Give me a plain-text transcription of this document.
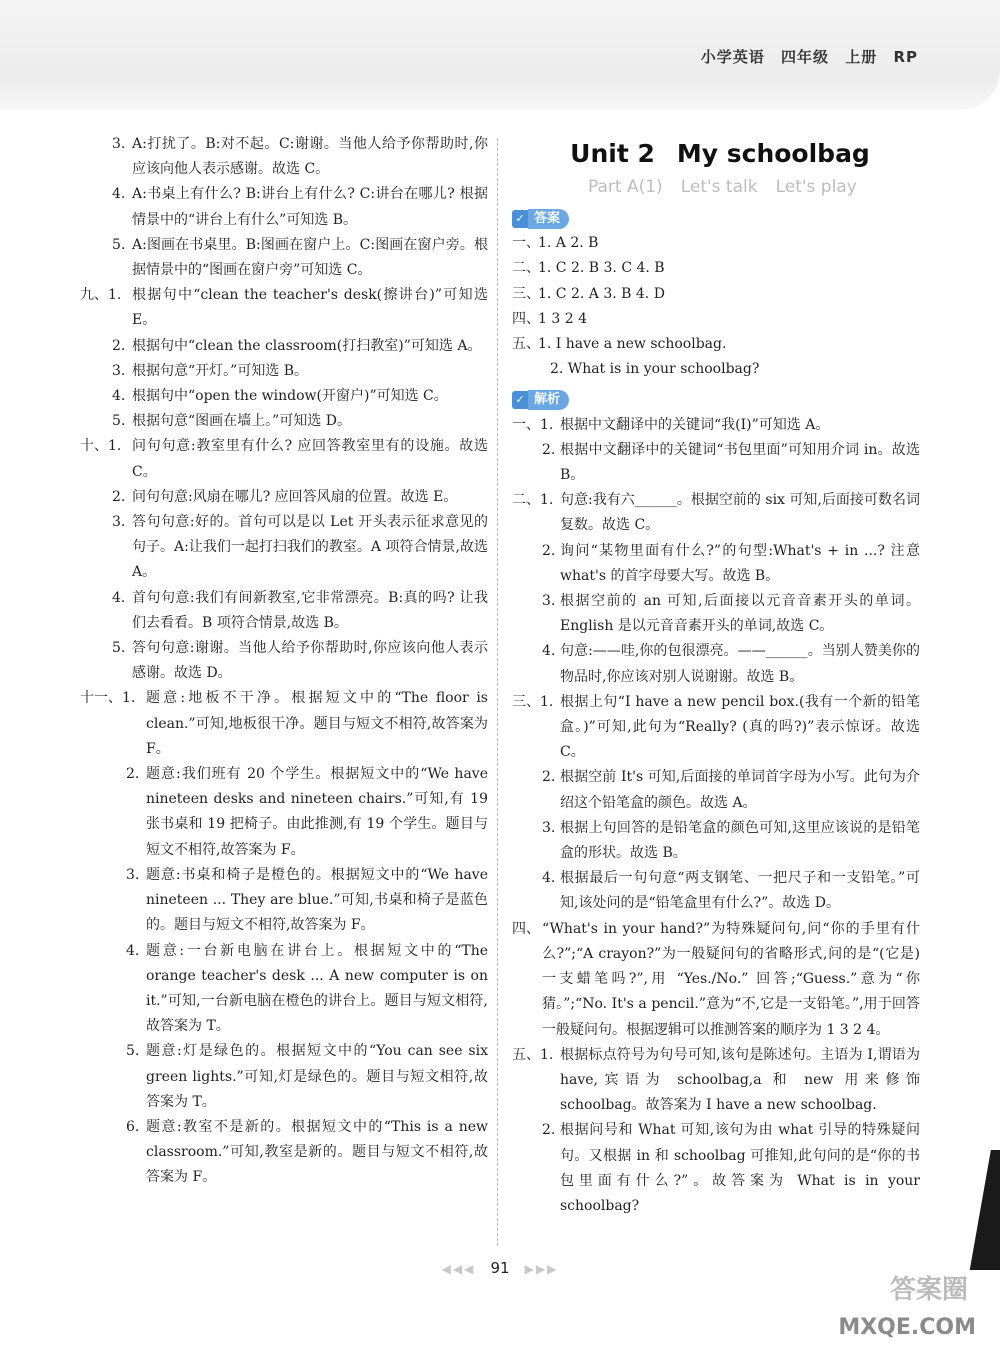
小学英语 四年级 上册 RP
3. A:打扰了。B:对不起。C:谢谢。当他人给予你帮助时,你应该向他人表示感谢。故选 C。
4. A:书桌上有什么? B:讲台上有什么? C:讲台在哪儿? 根据情景中的“讲台上有什么”可知选 B。
5. A:图画在书桌里。B:图画在窗户上。C:图画在窗户旁。根据情景中的“图画在窗户旁”可知选 C。
九、1. 根据句中“clean the teacher's desk(擦讲台)”可知选 E。
2. 根据句中“clean the classroom(打扫教室)”可知选 A。
3. 根据句意“开灯。”可知选 B。
4. 根据句中“open the window(开窗户)”可知选 C。
5. 根据句意“图画在墙上。”可知选 D。
十、1. 问句句意:教室里有什么? 应回答教室里有的设施。故选 C。
2. 问句句意:风扇在哪儿? 应回答风扇的位置。故选 E。
3. 答句句意:好的。首句可以是以 Let 开头表示征求意见的句子。A:让我们一起打扫我们的教室。A 项符合情景,故选 A。
4. 首句句意:我们有间新教室,它非常漂亮。B:真的吗? 让我们去看看。B 项符合情景,故选 B。
5. 答句句意:谢谢。当他人给予你帮助时,你应该向他人表示感谢。故选 D。
十一、1. 题意:地板不干净。根据短文中的“The floor is clean.”可知,地板很干净。题目与短文不相符,故答案为 F。
2. 题意:我们班有 20 个学生。根据短文中的“We have nineteen desks and nineteen chairs.”可知,有 19 张书桌和 19 把椅子。由此推测,有 19 个学生。题目与短文不相符,故答案为 F。
3. 题意:书桌和椅子是橙色的。根据短文中的“We have nineteen ... They are blue.”可知,书桌和椅子是蓝色的。题目与短文不相符,故答案为 F。
4. 题意:一台新电脑在讲台上。根据短文中的“The orange teacher's desk ... A new computer is on it.”可知,一台新电脑在橙色的讲台上。题目与短文相符,故答案为 T。
5. 题意:灯是绿色的。根据短文中的“You can see six green lights.”可知,灯是绿色的。题目与短文相符,故答案为 T。
6. 题意:教室不是新的。根据短文中的“This is a new classroom.”可知,教室是新的。题目与短文不相符,故答案为 F。
Unit 2 My schoolbag
Part A(1) Let's talk Let's play
✓ 答案
一、
1. A 2. B
二、
1. C 2. B 3. C 4. B
三、
1. C 2. A 3. B 4. D
四、
1 3 2 4
五、
1. I have a new schoolbag.
2. What is in your schoolbag?
✓ 解析
一、1. 根据中文翻译中的关键词“我(I)”可知选 A。
2. 根据中文翻译中的关键词“书包里面”可知用介词 in。故选 B。
二、1. 句意:我有六______。根据空前的 six 可知,后面接可数名词复数。故选 C。
2. 询问“某物里面有什么?”的句型:What's + in ...? 注意 what's 的首字母要大写。故选 B。
3. 根据空前的 an 可知,后面接以元音音素开头的单词。English 是以元音音素开头的单词,故选 C。
4. 句意:——哇,你的包很漂亮。——______。当别人赞美你的物品时,你应该对别人说谢谢。故选 B。
三、1. 根据上句“I have a new pencil box.(我有一个新的铅笔盒。)”可知,此句为“Really? (真的吗?)”表示惊讶。故选 C。
2. 根据空前 It's 可知,后面接的单词首字母为小写。此句为介绍这个铅笔盒的颜色。故选 A。
3. 根据上句回答的是铅笔盒的颜色可知,这里应该说的是铅笔盒的形状。故选 B。
4. 根据最后一句句意“两支钢笔、一把尺子和一支铅笔。”可知,该处问的是“铅笔盒里有什么?”。故选 D。
四、 “What's in your hand?”为特殊疑问句,问“你的手里有什么?”;“A crayon?”为一般疑问句的省略形式,问的是“(它是)一支蜡笔吗?”,用 “Yes./No.” 回答;“Guess.”意为“你猜。”;“No. It's a pencil.”意为“不,它是一支铅笔。”,用于回答一般疑问句。根据逻辑可以推测答案的顺序为 1 3 2 4。
五、1. 根据标点符号为句号可知,该句是陈述句。主语为 I,谓语为 have,宾语为 schoolbag,a 和 new 用来修饰 schoolbag。故答案为 I have a new schoolbag.
2. 根据问号和 What 可知,该句为由 what 引导的特殊疑问句。又根据 in 和 schoolbag 可推知,此句问的是“你的书包里面有什么?”。故答案为 What is in your schoolbag?
◀◀◀ 91 ▶▶▶
答案圈
MXQE.COM
